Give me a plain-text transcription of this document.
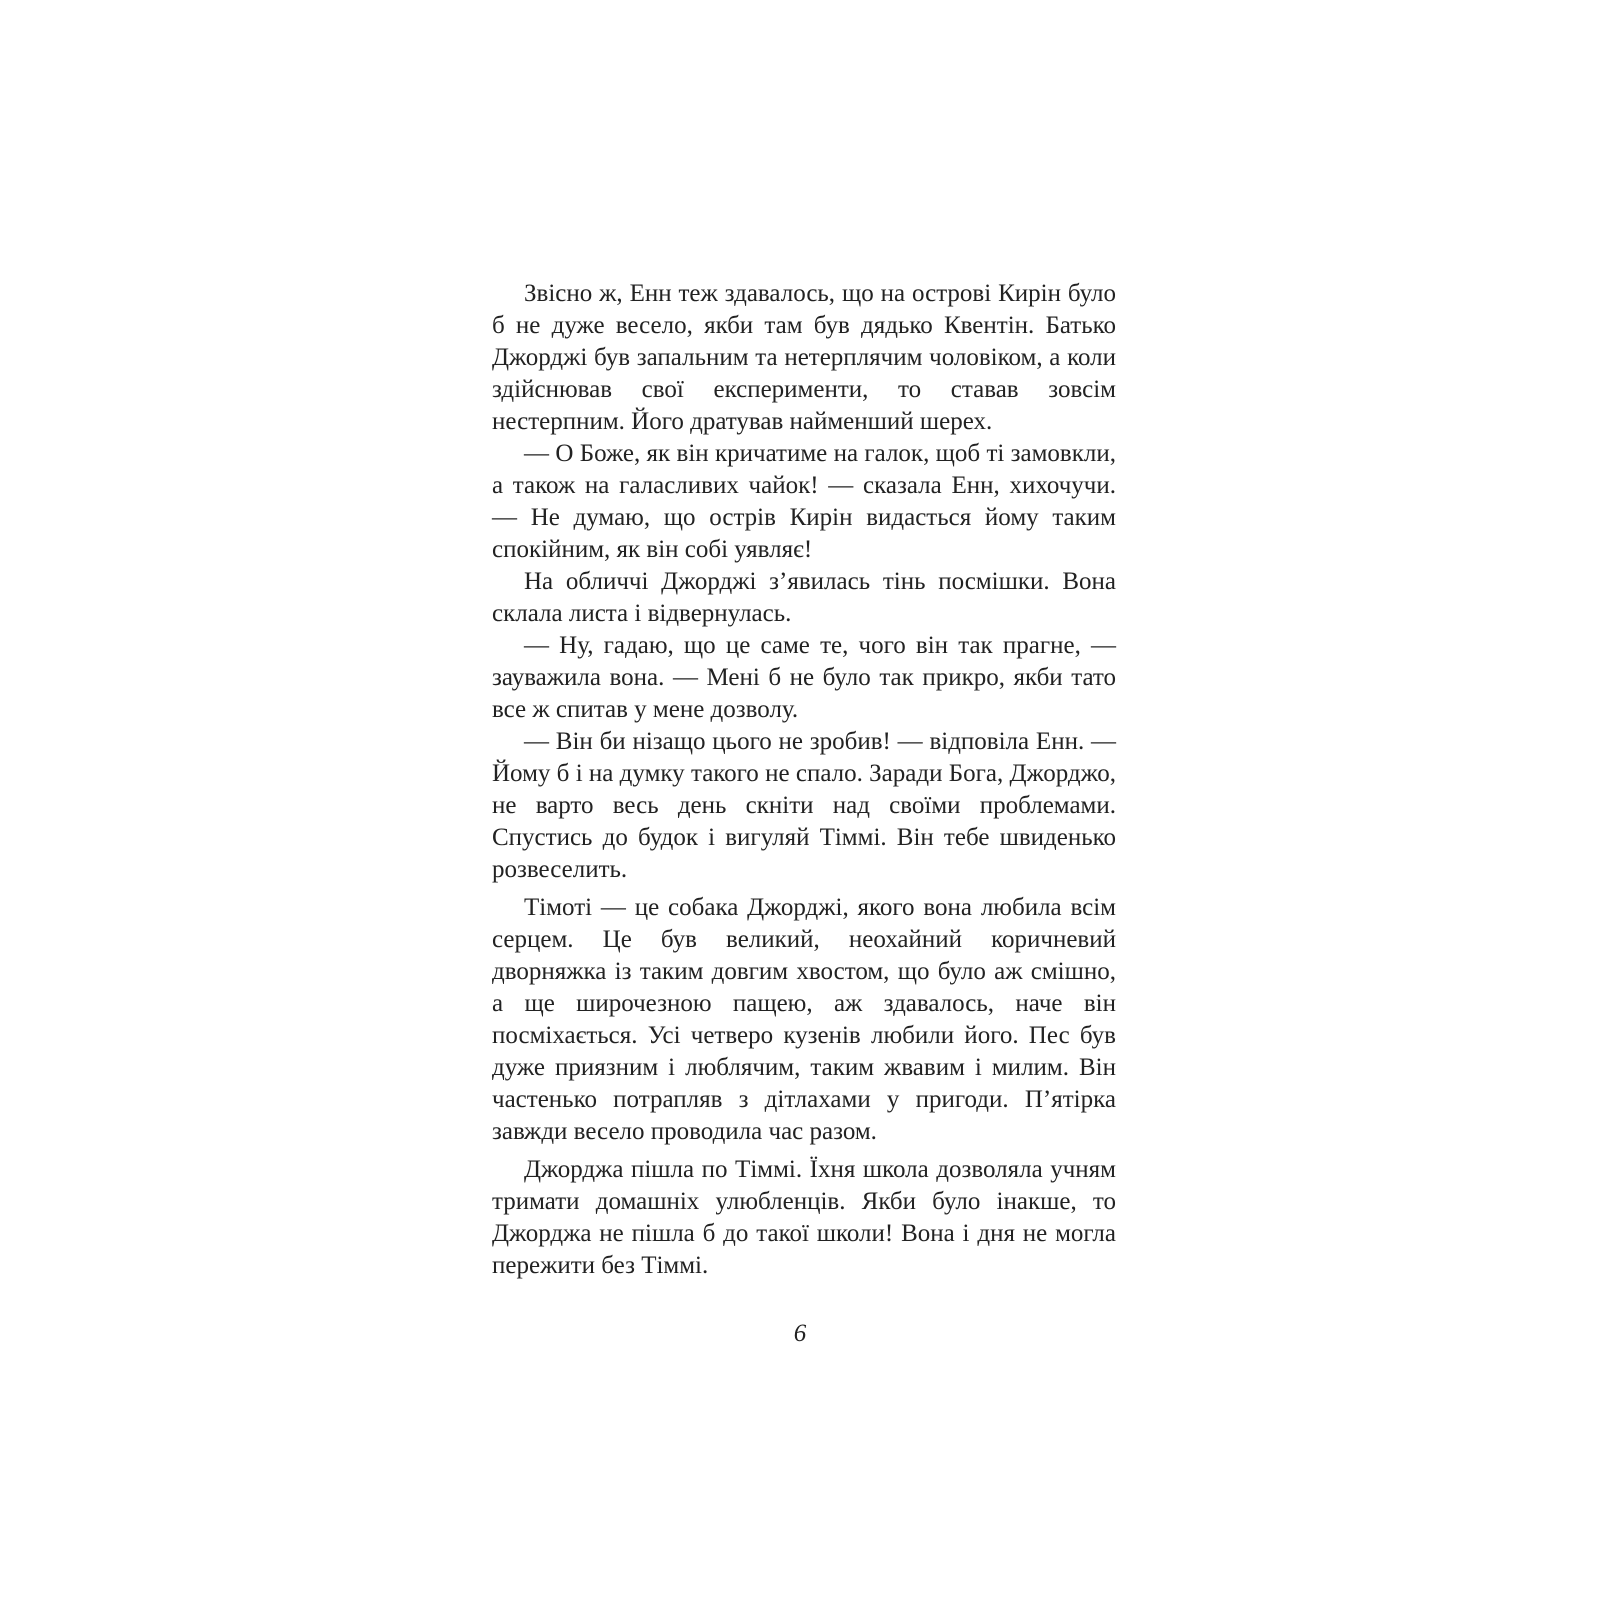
Звісно ж, Енн теж здавалось, що на острові Кирін було б не дуже весело, якби там був дядько Квентін. Батько Джорджі був запальним та нетерплячим чоловіком, а коли здійснював свої експерименти, то ставав зовсім нестерпним. Його дратував найменший шерех.

— О Боже, як він кричатиме на галок, щоб ті замовкли, а також на галасливих чайок! — сказала Енн, хихочучи. — Не думаю, що острів Кирін видасться йому таким спокійним, як він собі уявляє!

На обличчі Джорджі з’явилась тінь посмішки. Вона склала листа і відвернулась.

— Ну, гадаю, що це саме те, чого він так прагне, — зауважила вона. — Мені б не було так прикро, якби тато все ж спитав у мене дозволу.

— Він би нізащо цього не зробив! — відповіла Енн. — Йому б і на думку такого не спало. Заради Бога, Джорджо, не варто весь день скніти над своїми проблемами. Спустись до будок і вигуляй Тіммі. Він тебе швиденько розвеселить.

Тімоті — це собака Джорджі, якого вона любила всім серцем. Це був великий, неохайний коричневий дворняжка із таким довгим хвостом, що було аж смішно, а ще широчезною пащею, аж здавалось, наче він посміхається. Усі четверо кузенів любили його. Пес був дуже приязним і люблячим, таким жвавим і милим. Він частенько потрапляв з дітлахами у пригоди. П’ятірка завжди весело проводила час разом.

Джорджа пішла по Тіммі. Їхня школа дозволяла учням тримати домашніх улюбленців. Якби було інакше, то Джорджа не пішла б до такої школи! Вона і дня не могла пережити без Тіммі.

6
